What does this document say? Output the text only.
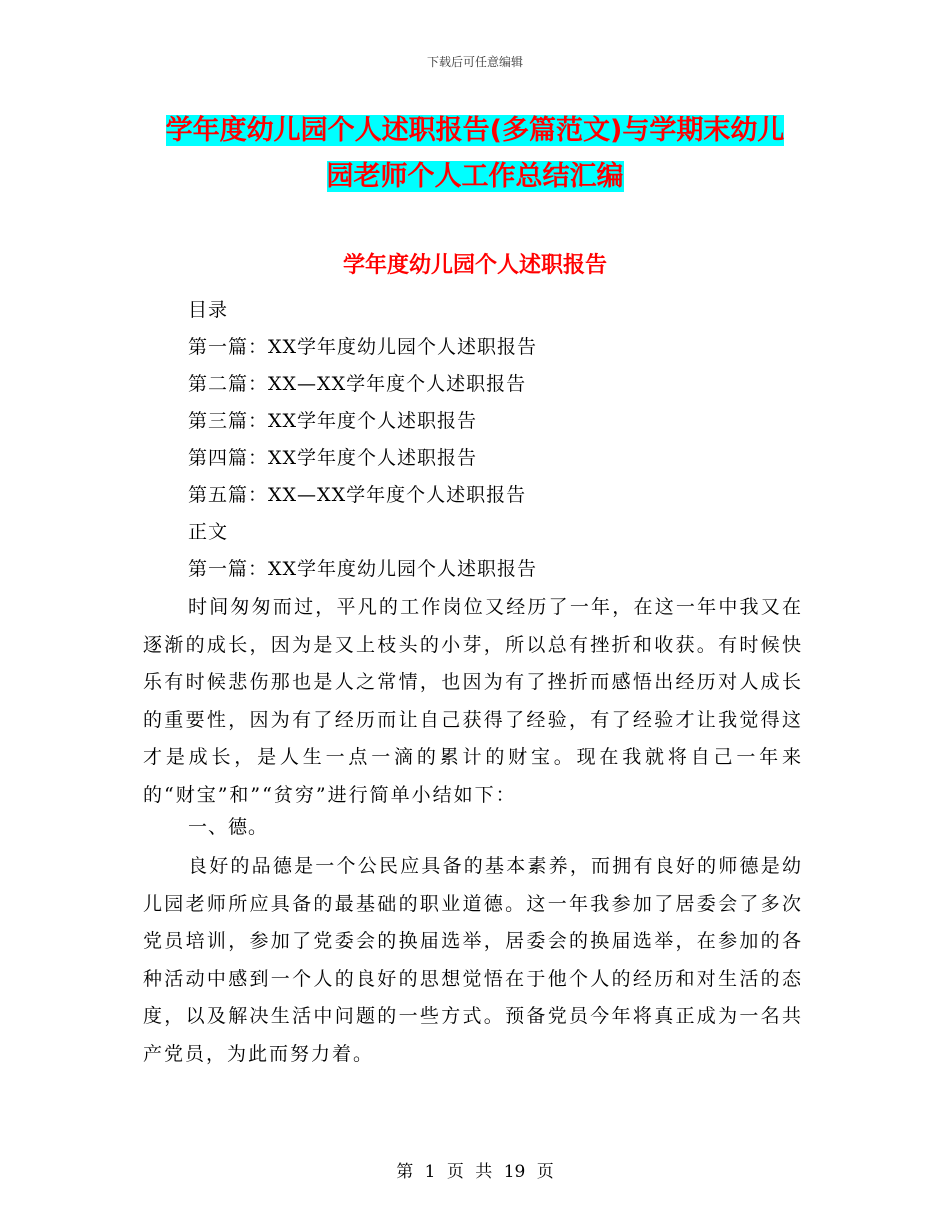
下载后可任意编辑
学年度幼儿园个人述职报告(多篇范文)与学期末幼儿
园老师个人工作总结汇编
学年度幼儿园个人述职报告
目录
第一篇：XX学年度幼儿园个人述职报告
第二篇：XX—XX学年度个人述职报告
第三篇：XX学年度个人述职报告
第四篇：XX学年度个人述职报告
第五篇：XX—XX学年度个人述职报告
正文
第一篇：XX学年度幼儿园个人述职报告

时间匆匆而过，平凡的工作岗位又经历了一年，在这一年中我又在逐渐的成长，因为是又上枝头的小芽，所以总有挫折和收获。有时候快乐有时候悲伤那也是人之常情，也因为有了挫折而感悟出经历对人成长的重要性，因为有了经历而让自己获得了经验，有了经验才让我觉得这才是成长，是人生一点一滴的累计的财宝。现在我就将自己一年来的“财宝”和”“贫穷”进行简单小结如下：

一、德。

良好的品德是一个公民应具备的基本素养，而拥有良好的师德是幼儿园老师所应具备的最基础的职业道德。这一年我参加了居委会了多次党员培训，参加了党委会的换届选举，居委会的换届选举，在参加的各种活动中感到一个人的良好的思想觉悟在于他个人的经历和对生活的态度，以及解决生活中问题的一些方式。预备党员今年将真正成为一名共产党员，为此而努力着。

第 1 页 共 19 页
